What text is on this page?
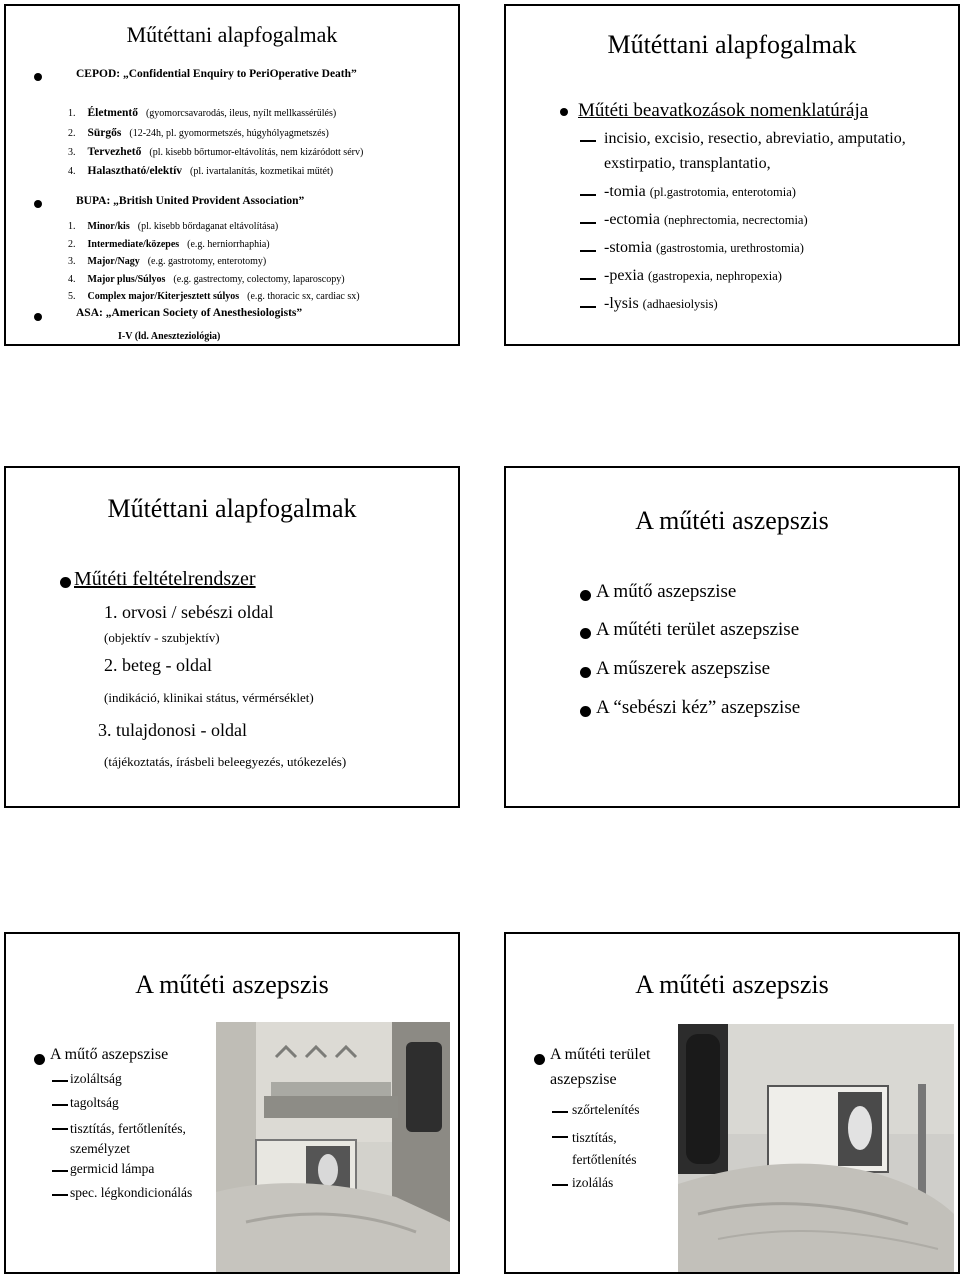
Műtéttani alapfogalmak
CEPOD: „Confidential Enquiry to PeriOperative Death”
1. Életmentő (gyomorcsavarodás, ileus, nyílt mellkassérülés)
2. Sürgős (12-24h, pl. gyomormetszés, húgyhólyagmetszés)
3. Tervezhető (pl. kisebb bőrtumor-eltávolítás, nem kizáródott sérv)
4. Halasztható/elektív (pl. ivartalanítás, kozmetikai műtét)
BUPA: „British United Provident Association”
1. Minor/kis (pl. kisebb bőrdaganat eltávolítása)
2. Intermediate/közepes (e.g. herniorrhaphia)
3. Major/Nagy (e.g. gastrotomy, enterotomy)
4. Major plus/Súlyos (e.g. gastrectomy, colectomy, laparoscopy)
5. Complex major/Kiterjesztett súlyos (e.g. thoracic sx, cardiac sx)
ASA: „American Society of Anesthesiologists”
I-V (ld. Aneszteziológia)
Műtéttani alapfogalmak
Műtéti beavatkozások nomenklatúrája
incisio, excisio, resectio, abreviatio, amputatio,
exstirpatio, transplantatio,
-tomia (pl.gastrotomia, enterotomia)
-ectomia (nephrectomia, necrectomia)
-stomia (gastrostomia, urethrostomia)
-pexia (gastropexia, nephropexia)
-lysis (adhaesiolysis)
Műtéttani alapfogalmak
Műtéti feltételrendszer
1. orvosi / sebészi oldal
(objektív - szubjektív)
2. beteg - oldal
(indikáció, klinikai státus, vérmérséklet)
3. tulajdonosi - oldal
(tájékoztatás, írásbeli beleegyezés, utókezelés)
A műtéti aszepszis
A műtő aszepszise
A műtéti terület aszepszise
A műszerek aszepszise
A “sebészi kéz” aszepszise
A műtéti aszepszis
A műtő aszepszise
izoláltság
tagoltság
tisztítás, fertőtlenítés, személyzet
germicid lámpa
spec. légkondicionálás
A műtéti aszepszis
A műtéti terület
aszepszise
szőrtelenítés
tisztítás, fertőtlenítés
izolálás
